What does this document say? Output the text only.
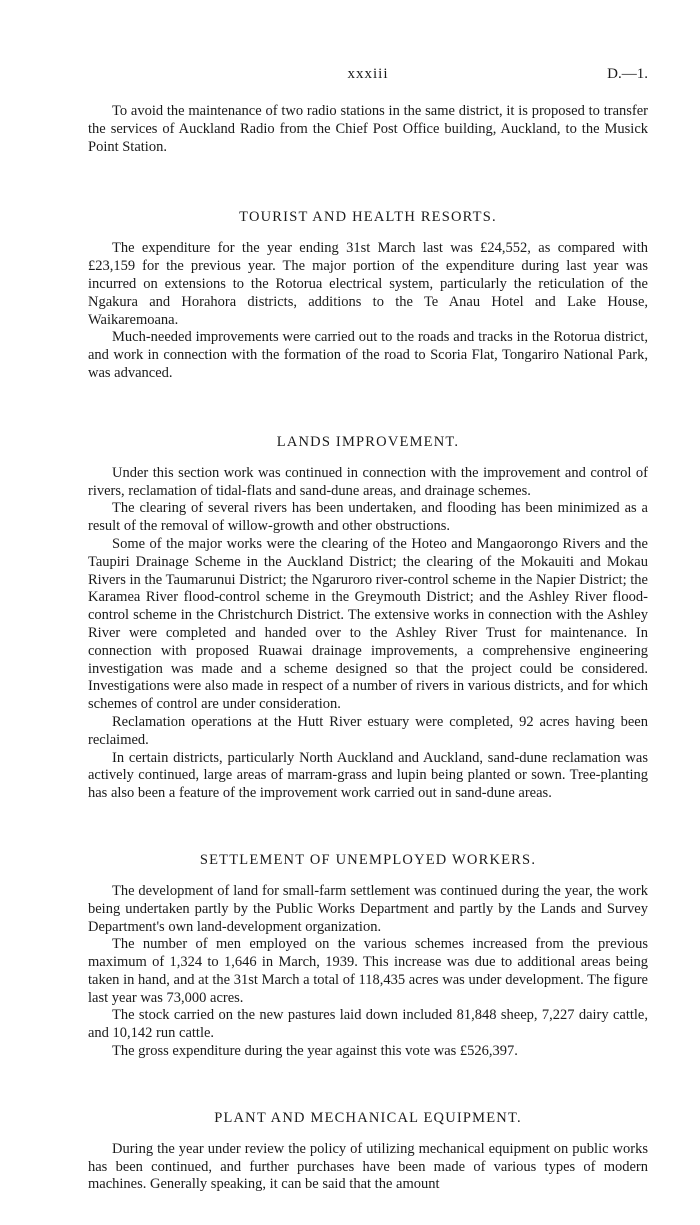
xxxiii	D.—1.

To avoid the maintenance of two radio stations in the same district, it is proposed to transfer the services of Auckland Radio from the Chief Post Office building, Auckland, to the Musick Point Station.

TOURIST AND HEALTH RESORTS.

The expenditure for the year ending 31st March last was £24,552, as compared with £23,159 for the previous year. The major portion of the expenditure during last year was incurred on extensions to the Rotorua electrical system, particularly the reticulation of the Ngakura and Horahora districts, additions to the Te Anau Hotel and Lake House, Waikaremoana.

Much-needed improvements were carried out to the roads and tracks in the Rotorua district, and work in connection with the formation of the road to Scoria Flat, Tongariro National Park, was advanced.

LANDS IMPROVEMENT.

Under this section work was continued in connection with the improvement and control of rivers, reclamation of tidal-flats and sand-dune areas, and drainage schemes.

The clearing of several rivers has been undertaken, and flooding has been minimized as a result of the removal of willow-growth and other obstructions.

Some of the major works were the clearing of the Hoteo and Mangaorongo Rivers and the Taupiri Drainage Scheme in the Auckland District; the clearing of the Mokauiti and Mokau Rivers in the Taumarunui District; the Ngaruroro river-control scheme in the Napier District; the Karamea River flood-control scheme in the Greymouth District; and the Ashley River flood-control scheme in the Christchurch District. The extensive works in connection with the Ashley River were completed and handed over to the Ashley River Trust for maintenance. In connection with proposed Ruawai drainage improvements, a comprehensive engineering investigation was made and a scheme designed so that the project could be considered. Investigations were also made in respect of a number of rivers in various districts, and for which schemes of control are under consideration.

Reclamation operations at the Hutt River estuary were completed, 92 acres having been reclaimed.

In certain districts, particularly North Auckland and Auckland, sand-dune reclamation was actively continued, large areas of marram-grass and lupin being planted or sown. Tree-planting has also been a feature of the improvement work carried out in sand-dune areas.

SETTLEMENT OF UNEMPLOYED WORKERS.

The development of land for small-farm settlement was continued during the year, the work being undertaken partly by the Public Works Department and partly by the Lands and Survey Department's own land-development organization.

The number of men employed on the various schemes increased from the previous maximum of 1,324 to 1,646 in March, 1939. This increase was due to additional areas being taken in hand, and at the 31st March a total of 118,435 acres was under development. The figure last year was 73,000 acres.

The stock carried on the new pastures laid down included 81,848 sheep, 7,227 dairy cattle, and 10,142 run cattle.

The gross expenditure during the year against this vote was £526,397.

PLANT AND MECHANICAL EQUIPMENT.

During the year under review the policy of utilizing mechanical equipment on public works has been continued, and further purchases have been made of various types of modern machines. Generally speaking, it can be said that the amount
